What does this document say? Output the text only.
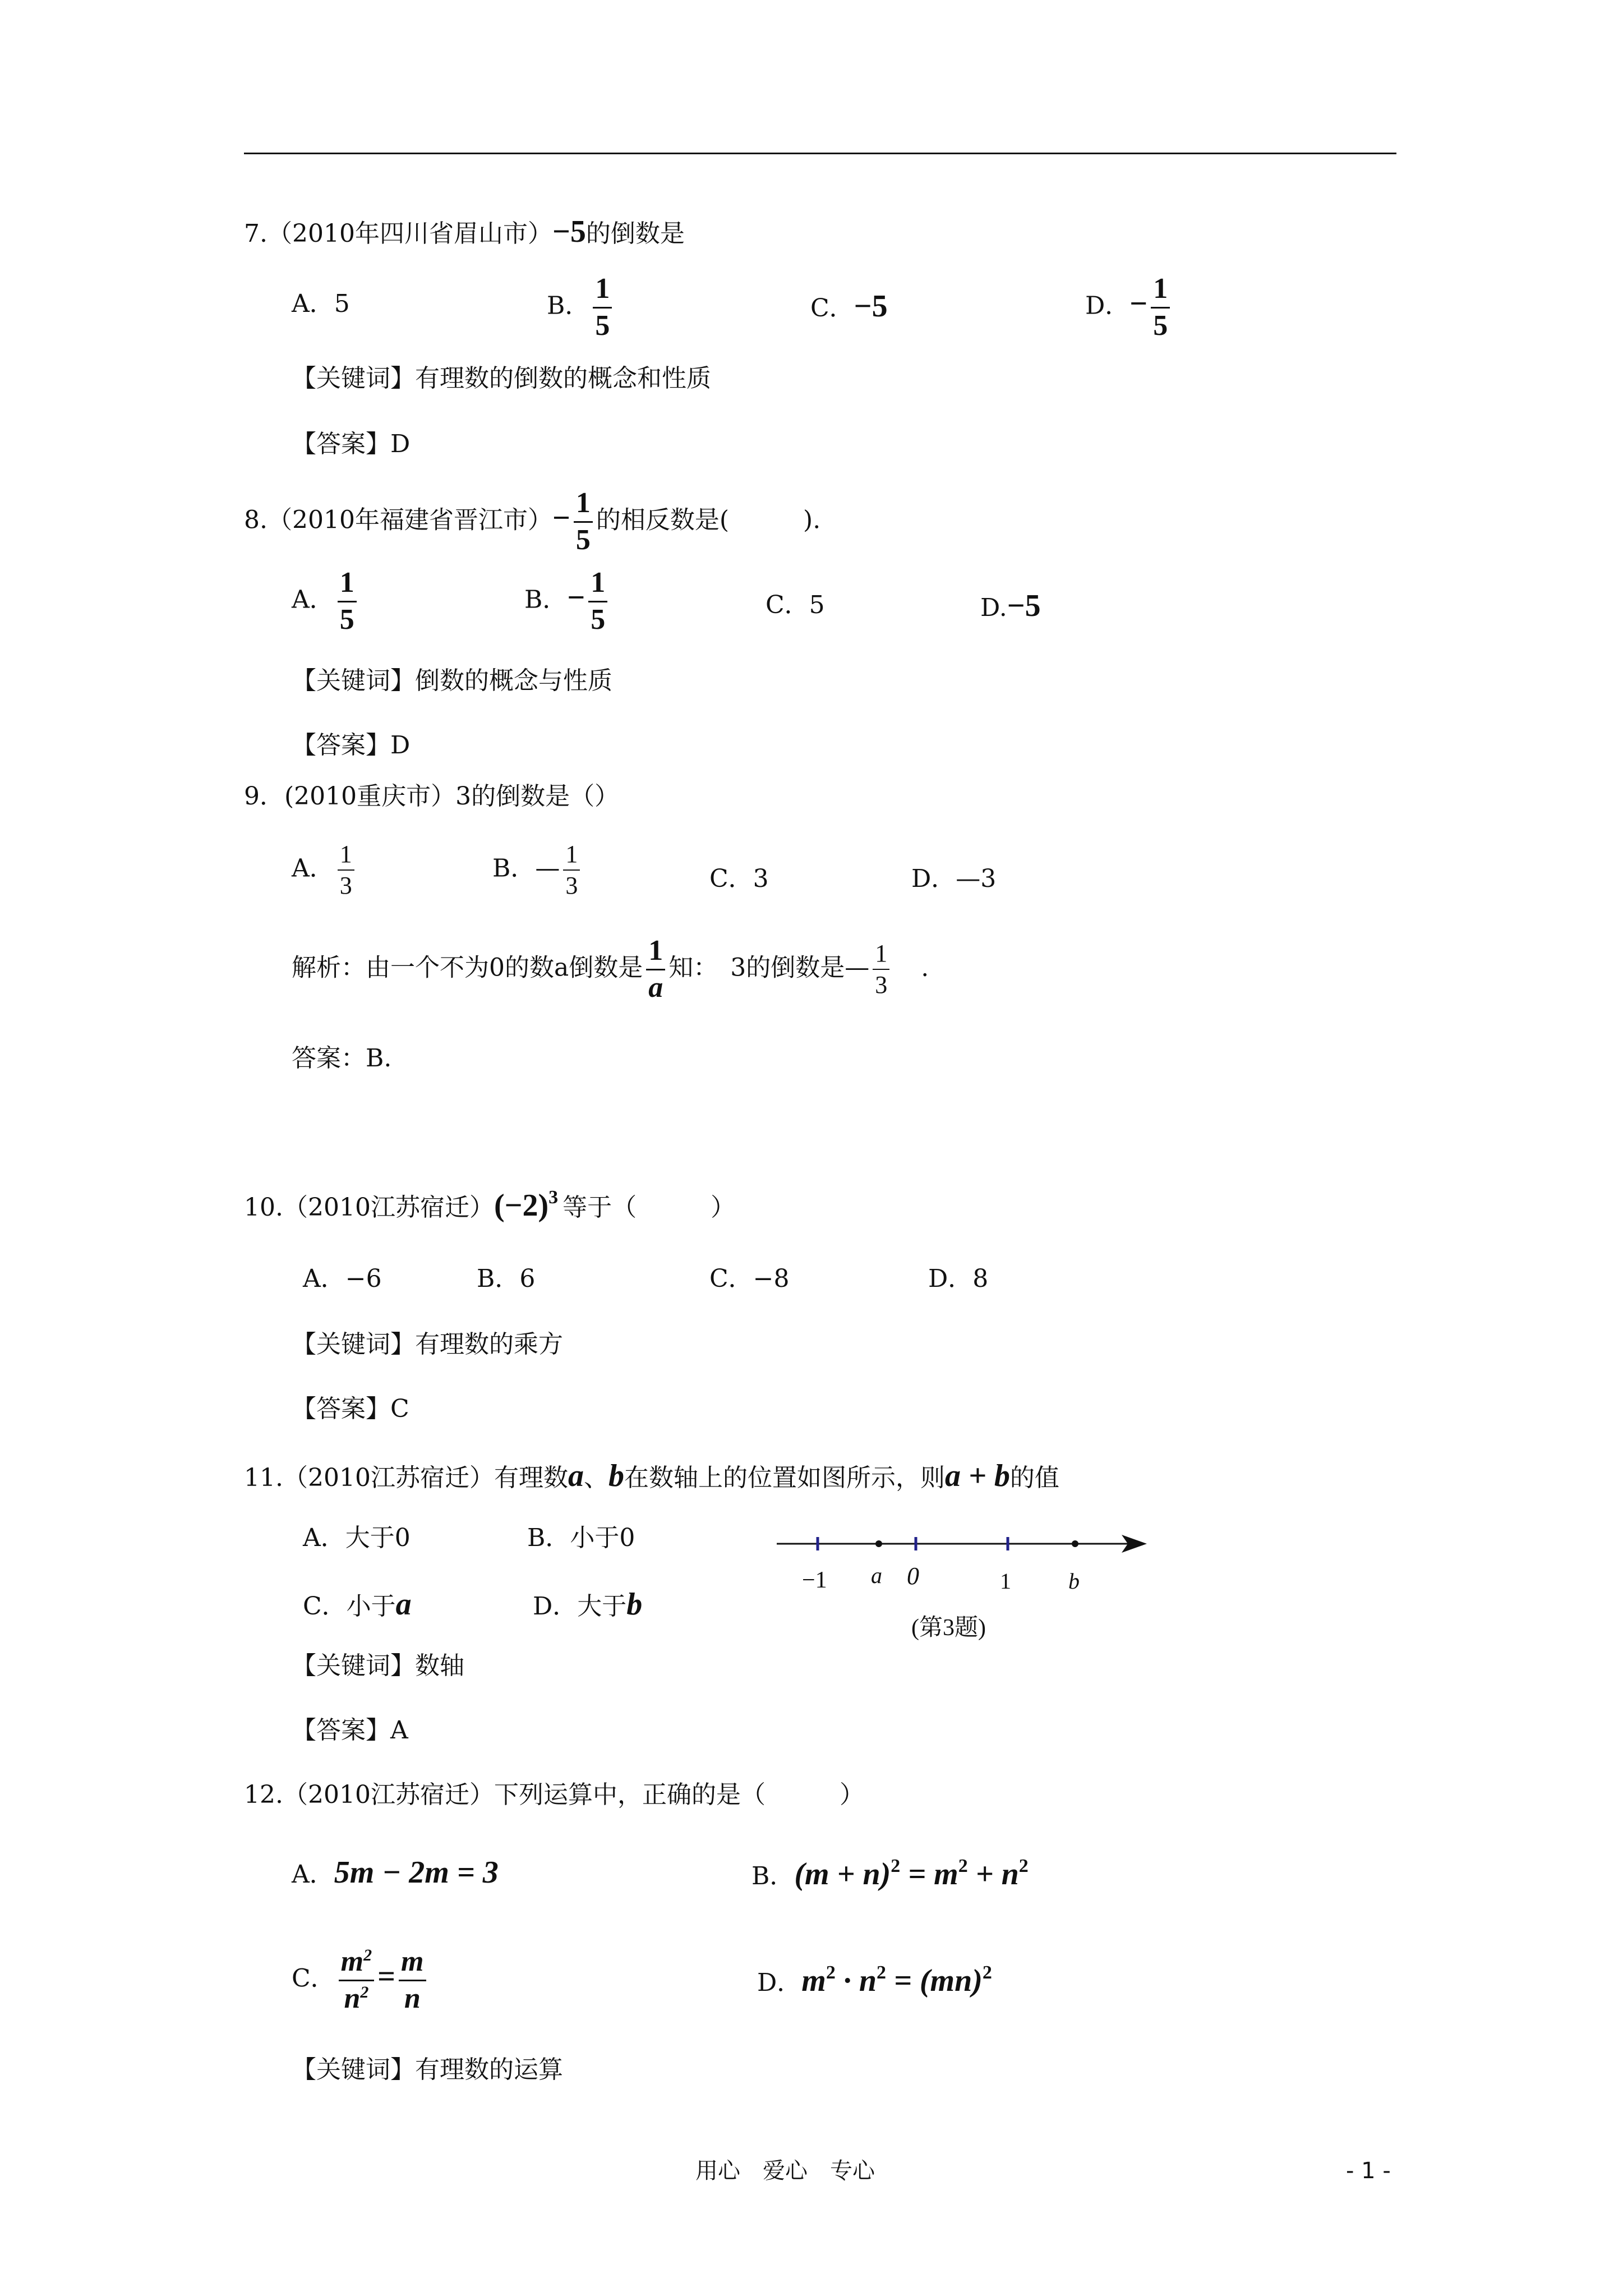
7.（2010年四川省眉山市）−5的倒数是
A．5	B． $\frac{1}{5}$	C．−5	D．− $\frac{1}{5}$
【关键词】有理数的倒数的概念和性质
【答案】D
8.（2010年福建省晋江市）− $\frac{1}{5}$ 的相反数是(　　　).
A． $\frac{1}{5}$	B．− $\frac{1}{5}$	C．5	D.−5
【关键词】倒数的概念与性质
【答案】D
9．(2010重庆市）3的倒数是（）
A． $\frac{1}{3}$	B．— $\frac{1}{3}$	C．3	D．—3
解析：由一个不为0的数a倒数是 $\frac{1}{a}$ 知：　3的倒数是— $\frac{1}{3}$ .
答案：B.
10.（2010江苏宿迁）$(-2)^3$ 等于（　　　）
A．−6	B．6	C．−8	D．8
【关键词】有理数的乘方
【答案】C
11.（2010江苏宿迁）有理数a、b在数轴上的位置如图所示，则a + b的值
A．大于0	B．小于0
C．小于a	D．大于b
−1 a 0	1	b
(第3题)
【关键词】数轴
【答案】A
12.（2010江苏宿迁）下列运算中，正确的是（　　　）
A．5m − 2m = 3	B．$(m + n)^2 = m^2 + n^2$
C． $\frac{m^2}{n^2} = \frac{m}{n}$	D．$m^2 \cdot n^2 = (mn)^2$
【关键词】有理数的运算
用心　爱心　专心	- 1 -
